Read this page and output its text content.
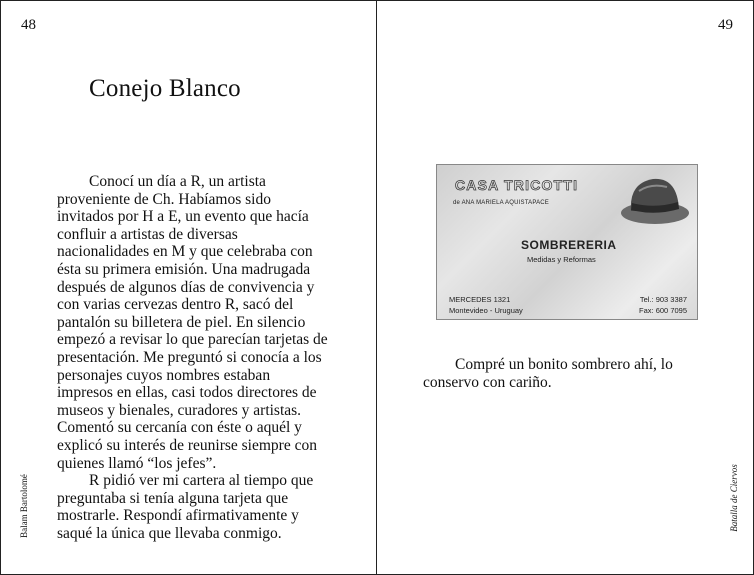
48
Conejo Blanco

Conocí un día a R, un artista proveniente de Ch. Habíamos sido invitados por H a E, un evento que hacía confluir a artistas de diversas nacionalidades en M y que celebraba con ésta su primera emisión. Una madrugada después de algunos días de convivencia y con varias cervezas dentro R, sacó del pantalón su billetera de piel. En silencio empezó a revisar lo que parecían tarjetas de presentación. Me preguntó si conocía a los personajes cuyos nombres estaban impresos en ellas, casi todos directores de museos y bienales, curadores y artistas. Comentó su cercanía con éste o aquél y explicó su interés de reunirse siempre con quienes llamó “los jefes”.

R pidió ver mi cartera al tiempo que preguntaba si tenía alguna tarjeta que mostrarle. Respondí afirmativamente y saqué la única que llevaba conmigo.

Balam Bartolomé
49
CASA TRICOTTI
de ANA MARIELA AQUISTAPACE
SOMBRERERIA
Medidas y Reformas
MERCEDES 1321
Montevideo - Uruguay
Tel.: 903 3387
Fax: 600 7095

Compré un bonito sombrero ahí, lo conservo con cariño.

Batalla de Ciervos
